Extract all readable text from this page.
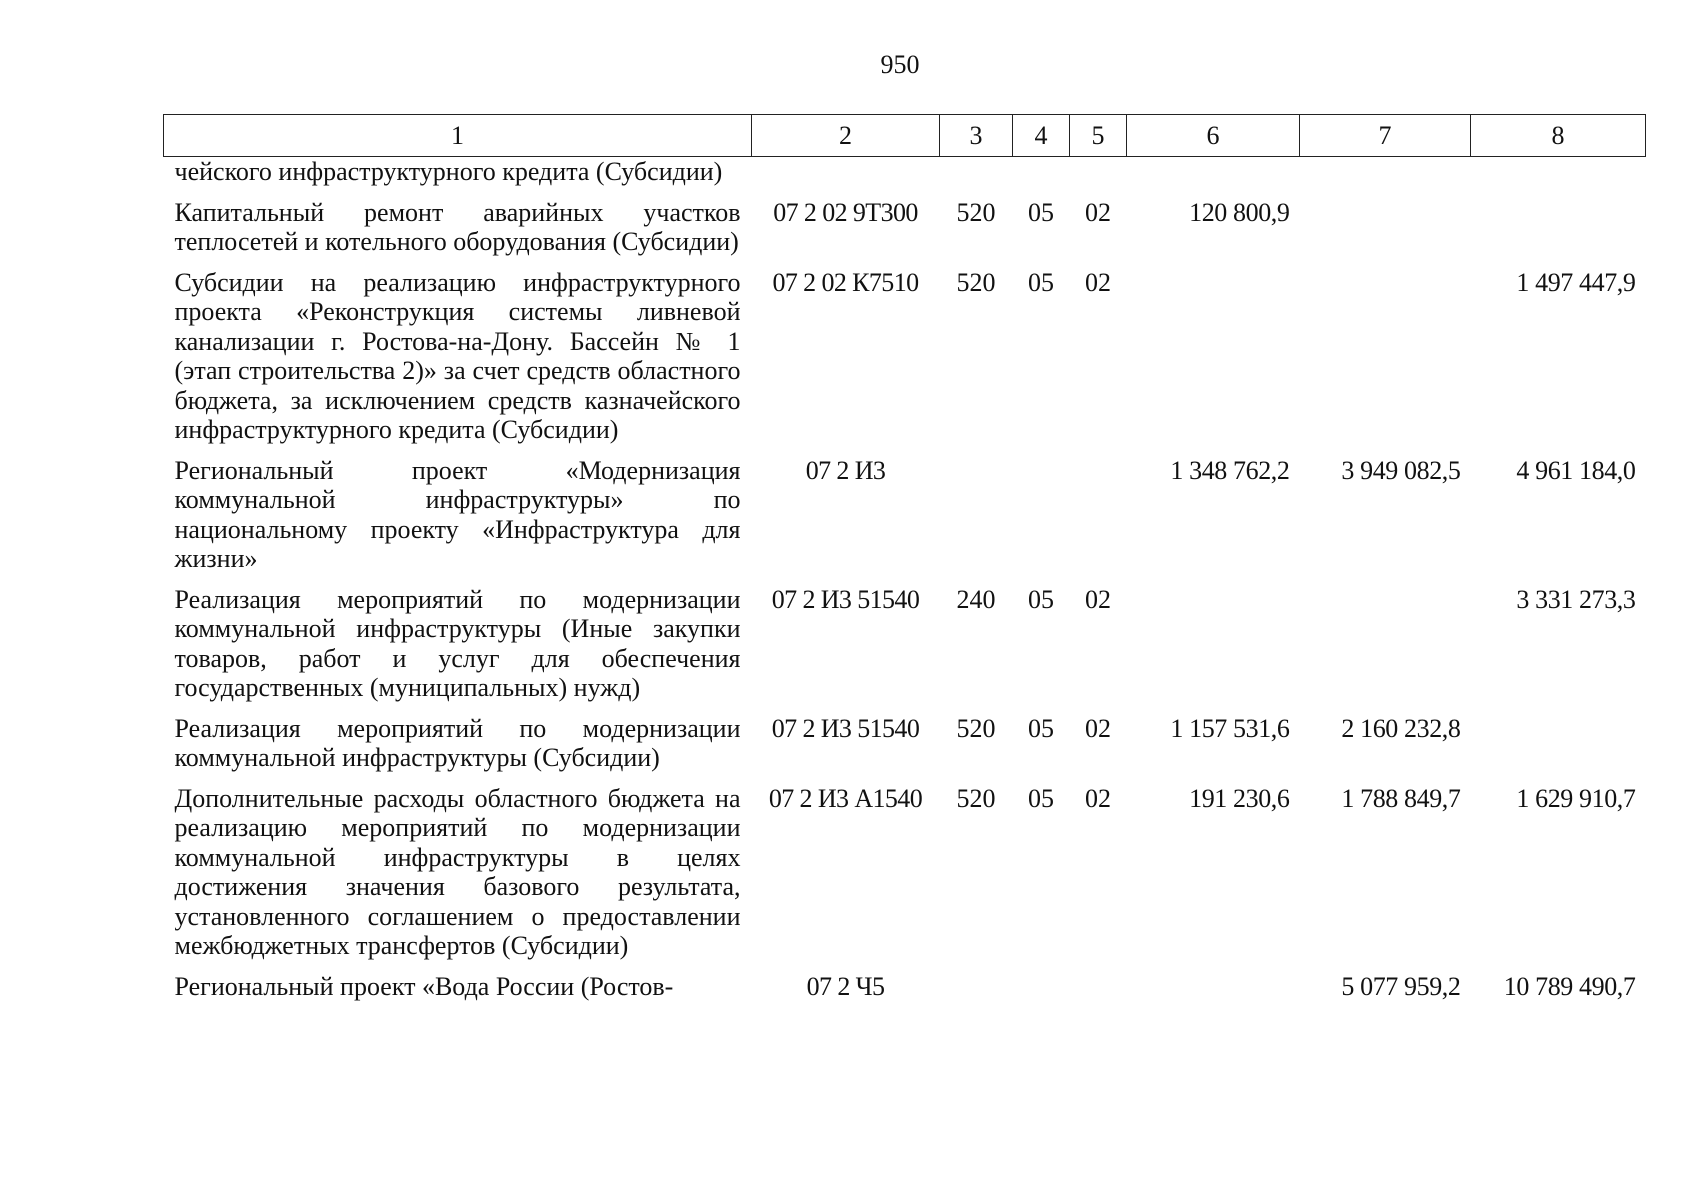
950
1	2	3	4	5	6	7	8
чейского инфраструктурного кредита (Субсидии)							
Капитальный ремонт аварийных участков теплосетей и котельного оборудования (Субсидии)	07 2 02 9Т300	520	05	02	120 800,9		
Субсидии на реализацию инфраструктурного проекта «Реконструкция системы ливневой канализации г. Ростова-на-Дону. Бассейн № 1 (этап строительства 2)» за счет средств областного бюджета, за исключением средств казначейского инфраструктурного кредита (Субсидии)	07 2 02 К7510	520	05	02			1 497 447,9
Региональный проект «Модернизация коммунальной инфраструктуры» по национальному проекту «Инфраструктура для жизни»	07 2 И3				1 348 762,2	3 949 082,5	4 961 184,0
Реализация мероприятий по модернизации коммунальной инфраструктуры (Иные закупки товаров, работ и услуг для обеспечения государственных (муниципальных) нужд)	07 2 И3 51540	240	05	02			3 331 273,3
Реализация мероприятий по модернизации коммунальной инфраструктуры (Субсидии)	07 2 И3 51540	520	05	02	1 157 531,6	2 160 232,8	
Дополнительные расходы областного бюджета на реализацию мероприятий по модернизации коммунальной инфраструктуры в целях достижения значения базового результата, установленного соглашением о предоставлении межбюджетных трансфертов (Субсидии)	07 2 И3 А1540	520	05	02	191 230,6	1 788 849,7	1 629 910,7
Региональный проект «Вода России (Ростов-	07 2 Ч5					5 077 959,2	10 789 490,7
